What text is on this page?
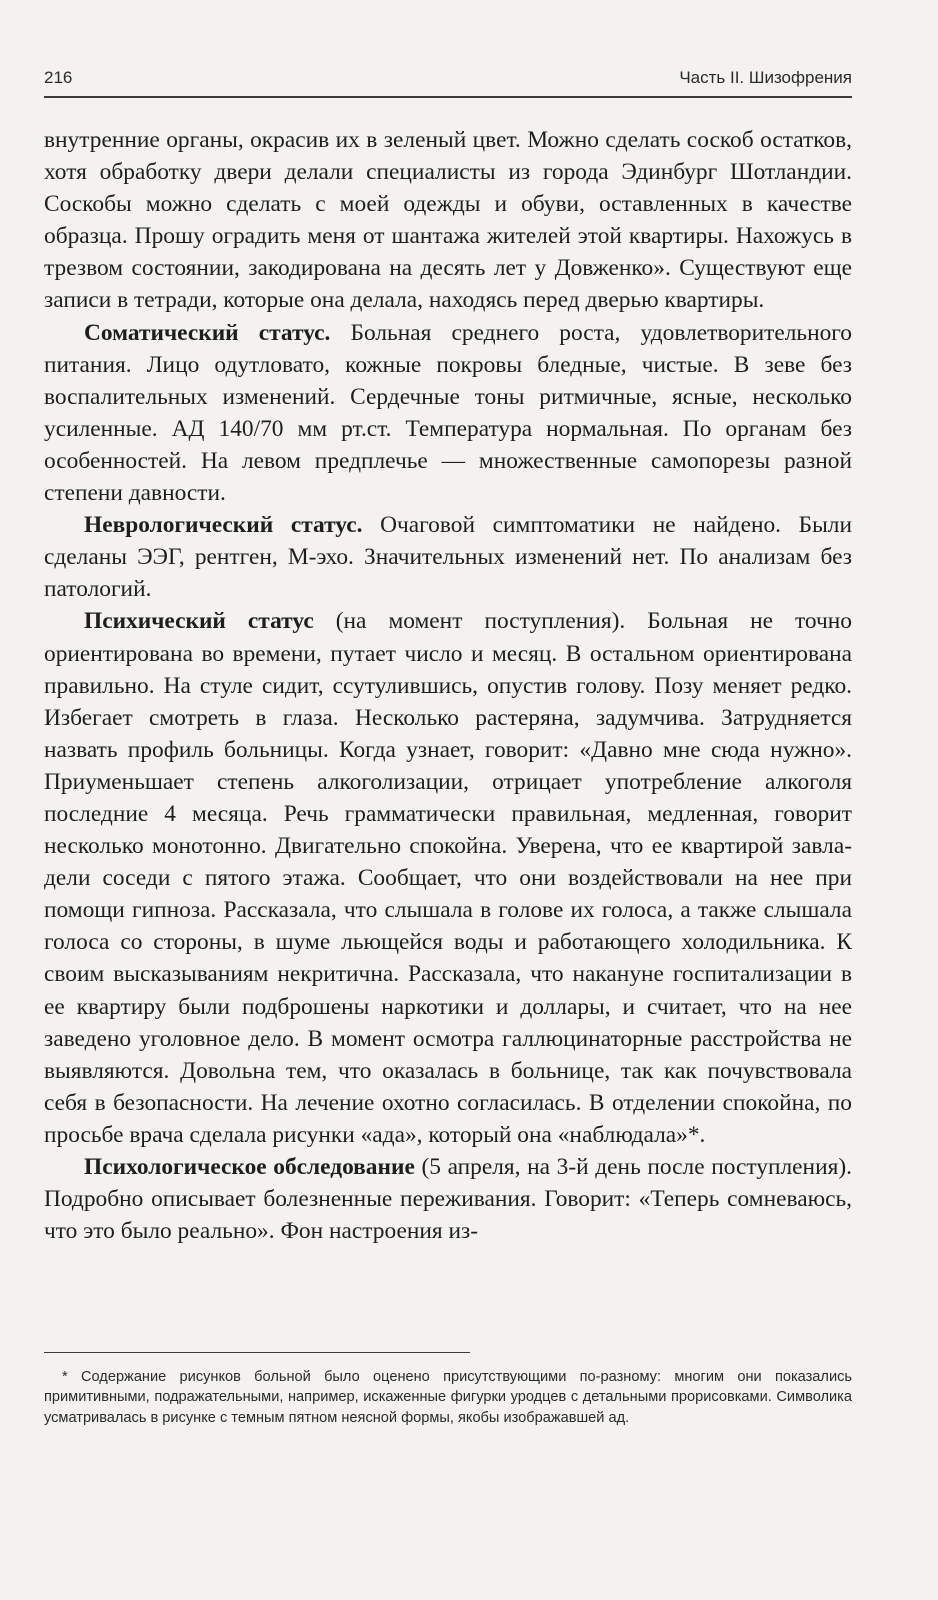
216	Часть II. Шизофрения

внутренние органы, окрасив их в зеленый цвет. Можно сделать соскоб остатков, хотя обработку двери делали специалисты из города Эдинбург Шотландии. Соскобы можно сделать с моей одежды и обуви, оставленных в качестве образца. Прошу оградить меня от шантажа жителей этой квартиры. Нахожусь в трезвом состоянии, закодирована на десять лет у Довженко». Существуют еще записи в тетради, которые она делала, находясь перед дверью квартиры.

Соматический статус. Больная среднего роста, удовлетворительного питания. Лицо одутловато, кожные покровы бледные, чистые. В зеве без воспалительных изменений. Сердечные тоны ритмичные, ясные, несколько усиленные. АД 140/70 мм рт.ст. Температура нормальная. По органам без особенностей. На левом предплечье — множественные самопорезы разной степени давности.

Неврологический статус. Очаговой симптоматики не найдено. Были сделаны ЭЭГ, рентген, М-эхо. Значительных изменений нет. По анализам без патологий.

Психический статус (на момент поступления). Больная не точно ориентирована во времени, путает число и месяц. В остальном ориентирована правильно. На стуле сидит, ссутулившись, опустив голову. Позу меняет редко. Избегает смотреть в глаза. Несколько растеряна, задумчива. Затрудняется назвать профиль больницы. Когда узнает, говорит: «Давно мне сюда нужно». Приуменьшает степень алкоголизации, отрицает употребление алкоголя последние 4 месяца. Речь грамматически правильная, медленная, говорит несколько монотонно. Двигательно спокойна. Уверена, что ее квартирой завладели соседи с пятого этажа. Сообщает, что они воздействовали на нее при помощи гипноза. Рассказала, что слышала в голове их голоса, а также слышала голоса со стороны, в шуме льющейся воды и работающего холодильника. К своим высказываниям некритична. Рассказала, что накануне госпитализации в ее квартиру были подброшены наркотики и доллары, и считает, что на нее заведено уголовное дело. В момент осмотра галлюцинаторные расстройства не выявляются. Довольна тем, что оказалась в больнице, так как почувствовала себя в безопасности. На лечение охотно согласилась. В отделении спокойна, по просьбе врача сделала рисунки «ада», который она «наблюдала»*.

Психологическое обследование (5 апреля, на 3-й день после поступления). Подробно описывает болезненные переживания. Говорит: «Теперь сомневаюсь, что это было реально». Фон настроения из-

* Содержание рисунков больной было оценено присутствующими по-разному: многим они показались примитивными, подражательными, например, искаженные фигурки уродцев с детальными прорисовками. Символика усматривалась в рисунке с темным пятном неясной формы, якобы изображавшей ад.
